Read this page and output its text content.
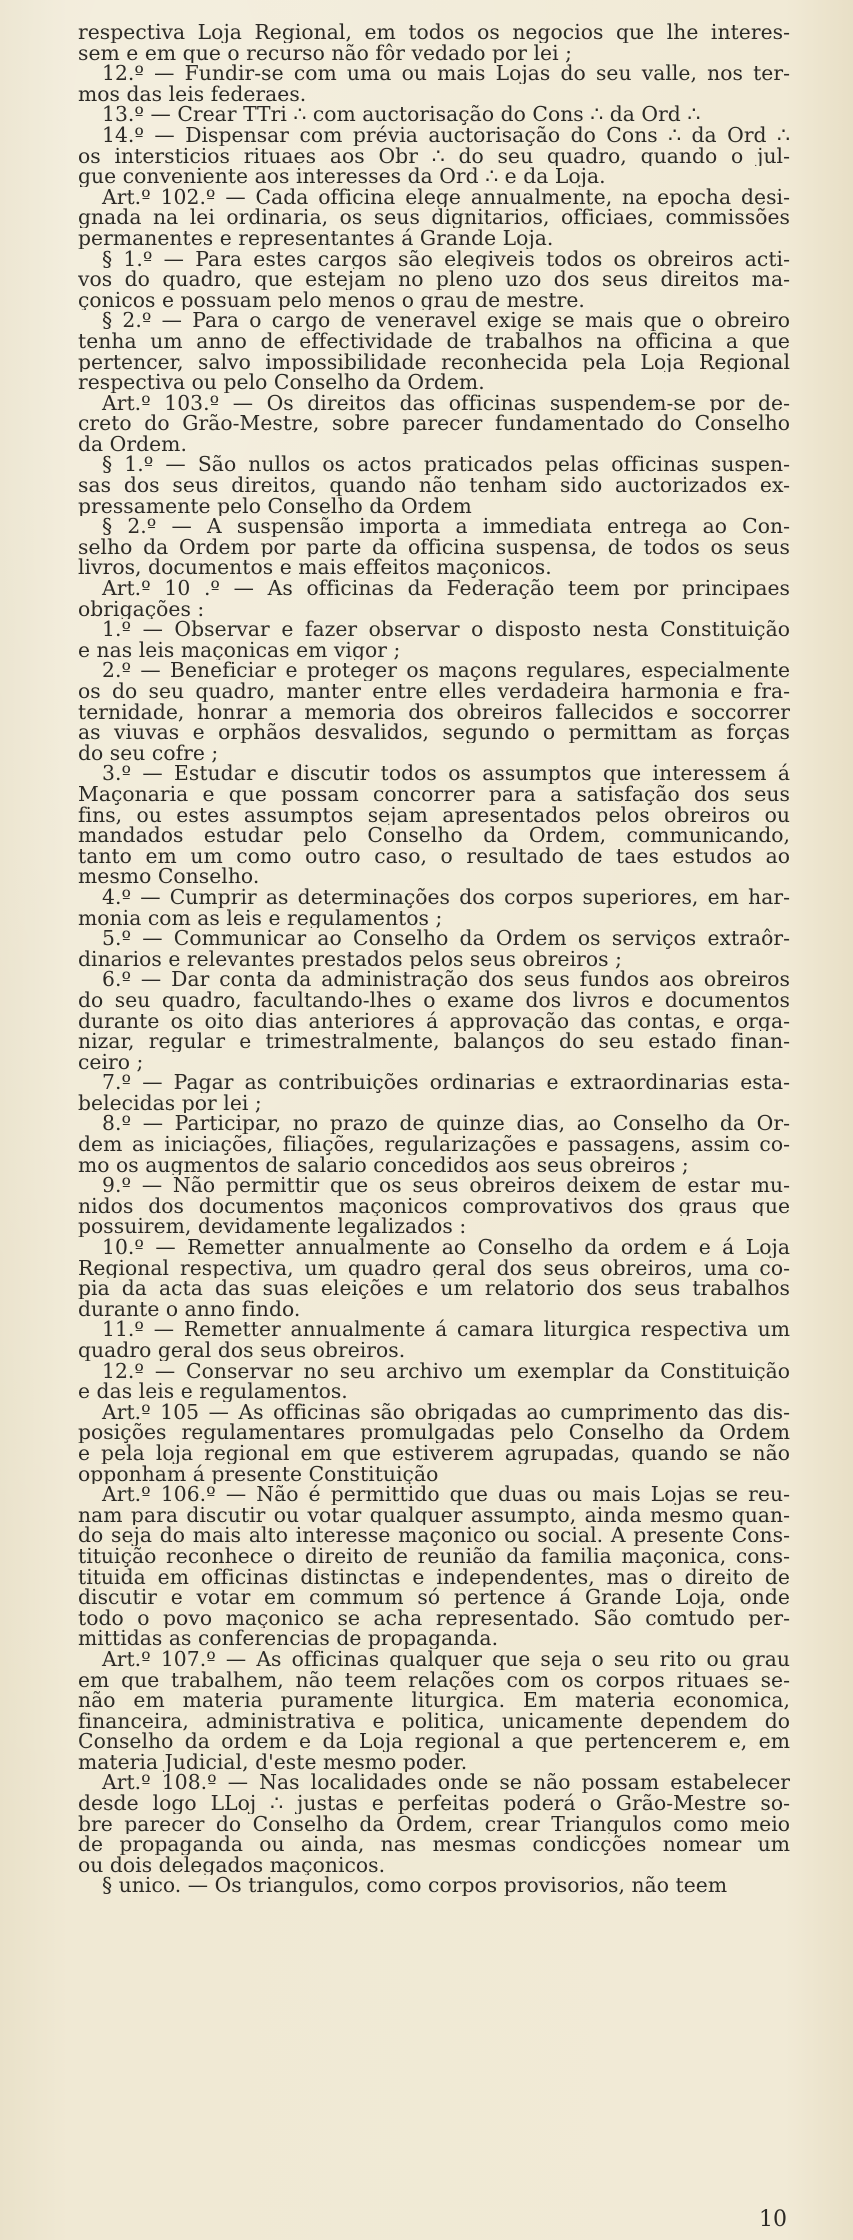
respectiva Loja Regional, em todos os negocios que lhe interes-
sem e em que o recurso não fôr vedado por lei ;
12.º — Fundir-se com uma ou mais Lojas do seu valle, nos ter-
mos das leis federaes.
13.º — Crear TTri ∴ com auctorisação do Cons ∴ da Ord ∴
14.º — Dispensar com prévia auctorisação do Cons ∴ da Ord ∴
os intersticios rituaes aos Obr ∴ do seu quadro, quando o jul-
gue conveniente aos interesses da Ord ∴ e da Loja.
Art.º 102.º — Cada officina elege annualmente, na epocha desi-
gnada na lei ordinaria, os seus dignitarios, officiaes, commissões
permanentes e representantes á Grande Loja.
§ 1.º — Para estes cargos são elegiveis todos os obreiros acti-
vos do quadro, que estejam no pleno uzo dos seus direitos ma-
çonicos e possuam pelo menos o grau de mestre.
§ 2.º — Para o cargo de veneravel exige se mais que o obreiro
tenha um anno de effectividade de trabalhos na officina a que
pertencer, salvo impossibilidade reconhecida pela Loja Regional
respectiva ou pelo Conselho da Ordem.
Art.º 103.º — Os direitos das officinas suspendem-se por de-
creto do Grão-Mestre, sobre parecer fundamentado do Conselho
da Ordem.
§ 1.º — São nullos os actos praticados pelas officinas suspen-
sas dos seus direitos, quando não tenham sido auctorizados ex-
pressamente pelo Conselho da Ordem
§ 2.º — A suspensão importa a immediata entrega ao Con-
selho da Ordem por parte da officina suspensa, de todos os seus
livros, documentos e mais effeitos maçonicos.
Art.º 10 .º — As officinas da Federação teem por principaes
obrigações :
1.º — Observar e fazer observar o disposto nesta Constituição
e nas leis maçonicas em vigor ;
2.º — Beneficiar e proteger os maçons regulares, especialmente
os do seu quadro, manter entre elles verdadeira harmonia e fra-
ternidade, honrar a memoria dos obreiros fallecidos e soccorrer
as viuvas e orphãos desvalidos, segundo o permittam as forças
do seu cofre ;
3.º — Estudar e discutir todos os assumptos que interessem á
Maçonaria e que possam concorrer para a satisfação dos seus
fins, ou estes assumptos sejam apresentados pelos obreiros ou
mandados estudar pelo Conselho da Ordem, communicando,
tanto em um como outro caso, o resultado de taes estudos ao
mesmo Conselho.
4.º — Cumprir as determinações dos corpos superiores, em har-
monia com as leis e regulamentos ;
5.º — Communicar ao Conselho da Ordem os serviços extraôr-
dinarios e relevantes prestados pelos seus obreiros ;
6.º — Dar conta da administração dos seus fundos aos obreiros
do seu quadro, facultando-lhes o exame dos livros e documentos
durante os oito dias anteriores á approvação das contas, e orga-
nizar, regular e trimestralmente, balanços do seu estado finan-
ceiro ;
7.º — Pagar as contribuições ordinarias e extraordinarias esta-
belecidas por lei ;
8.º — Participar, no prazo de quinze dias, ao Conselho da Or-
dem as iniciações, filiações, regularizações e passagens, assim co-
mo os augmentos de salario concedidos aos seus obreiros ;
9.º — Não permittir que os seus obreiros deixem de estar mu-
nidos dos documentos maçonicos comprovativos dos graus que
possuirem, devidamente legalizados :
10.º — Remetter annualmente ao Conselho da ordem e á Loja
Regional respectiva, um quadro geral dos seus obreiros, uma co-
pia da acta das suas eleições e um relatorio dos seus trabalhos
durante o anno findo.
11.º — Remetter annualmente á camara liturgica respectiva um
quadro geral dos seus obreiros.
12.º — Conservar no seu archivo um exemplar da Constituição
e das leis e regulamentos.
Art.º 105 — As officinas são obrigadas ao cumprimento das dis-
posições regulamentares promulgadas pelo Conselho da Ordem
e pela loja regional em que estiverem agrupadas, quando se não
opponham á presente Constituição
Art.º 106.º — Não é permittido que duas ou mais Lojas se reu-
nam para discutir ou votar qualquer assumpto, ainda mesmo quan-
do seja do mais alto interesse maçonico ou social. A presente Cons-
tituição reconhece o direito de reunião da familia maçonica, cons-
tituida em officinas distinctas e independentes, mas o direito de
discutir e votar em commum só pertence á Grande Loja, onde
todo o povo maçonico se acha representado. São comtudo per-
mittidas as conferencias de propaganda.
Art.º 107.º — As officinas qualquer que seja o seu rito ou grau
em que trabalhem, não teem relações com os corpos rituaes se-
não em materia puramente liturgica. Em materia economica,
financeira, administrativa e politica, unicamente dependem do
Conselho da ordem e da Loja regional a que pertencerem e, em
materia Judicial, d'este mesmo poder.
Art.º 108.º — Nas localidades onde se não possam estabelecer
desde logo LLoj ∴ justas e perfeitas poderá o Grão-Mestre so-
bre parecer do Conselho da Ordem, crear Triangulos como meio
de propaganda ou ainda, nas mesmas condicções nomear um
ou dois delegados maçonicos.
§ unico. — Os triangulos, como corpos provisorios, não teem
10
